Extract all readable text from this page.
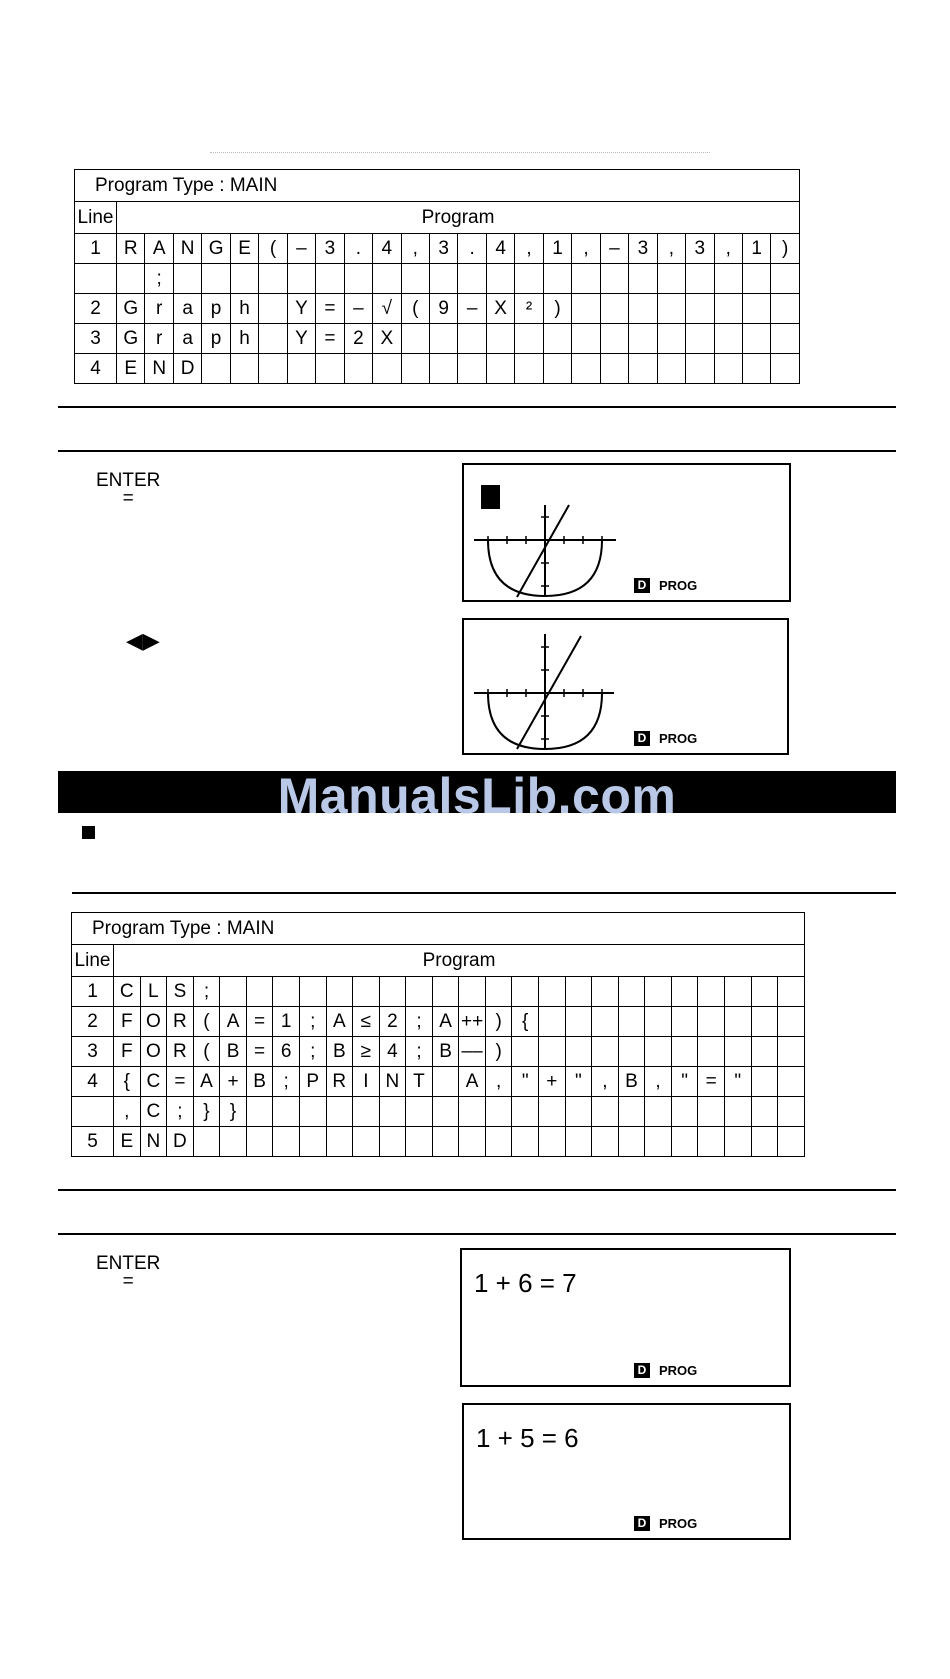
Program Type : MAIN																								
Line	Program																							
1	R	A	N	G	E	(	–	3	.	4	,	3	.	4	,	1	,	–	3	,	3	,	1	)
		;																						
2	G	r	a	p	h		Y	=	–	√	(	9	–	X	²	)								
3	G	r	a	p	h		Y	=	2	X														
4	E	N	D																					
ENTER
=
D PROG
◀▶
D PROG
ManualsLib.com
Program Type : MAIN																										
Line	Program																									
1	C	L	S	;																						
2	F	O	R	(	A	=	1	;	A	≤	2	;	A	++	)	{										
3	F	O	R	(	B	=	6	;	B	≥	4	;	B	––	)											
4	{	C	=	A	+	B	;	P	R	I	N	T		A	,	"	+	"	,	B	,	"	=	"		
	,	C	;	}	}																					
5	E	N	D																							
ENTER
=	1 + 6 = 7
D PROG
1 + 5 = 6
D PROG
